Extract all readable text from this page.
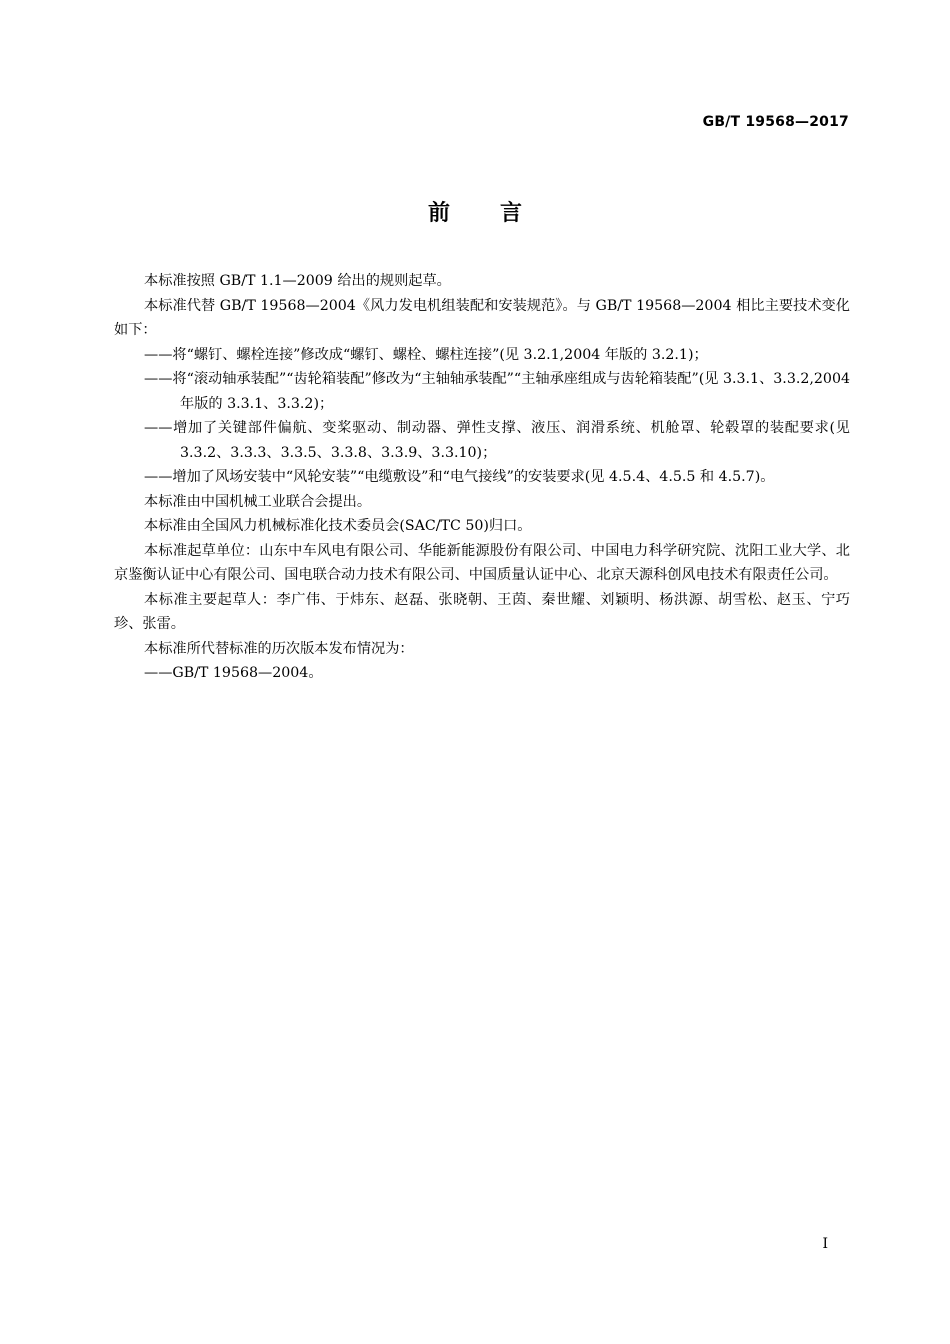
GB/T 19568—2017
前言

本标准按照 GB/T 1.1—2009 给出的规则起草。

本标准代替 GB/T 19568—2004《风力发电机组装配和安装规范》。与 GB/T 19568—2004 相比主要技术变化如下：

——将“螺钉、螺栓连接”修改成“螺钉、螺栓、螺柱连接”(见 3.2.1,2004 年版的 3.2.1)；

——将“滚动轴承装配”“齿轮箱装配”修改为“主轴轴承装配”“主轴承座组成与齿轮箱装配”(见 3.3.1、3.3.2,2004 年版的 3.3.1、3.3.2)；

——增加了关键部件偏航、变桨驱动、制动器、弹性支撑、液压、润滑系统、机舱罩、轮毂罩的装配要求(见 3.3.2、3.3.3、3.3.5、3.3.8、3.3.9、3.3.10)；

——增加了风场安装中“风轮安装”“电缆敷设”和“电气接线”的安装要求(见 4.5.4、4.5.5 和 4.5.7)。

本标准由中国机械工业联合会提出。

本标准由全国风力机械标准化技术委员会(SAC/TC 50)归口。

本标准起草单位：山东中车风电有限公司、华能新能源股份有限公司、中国电力科学研究院、沈阳工业大学、北京鉴衡认证中心有限公司、国电联合动力技术有限公司、中国质量认证中心、北京天源科创风电技术有限责任公司。

本标准主要起草人：李广伟、于炜东、赵磊、张晓朝、王茵、秦世耀、刘颖明、杨洪源、胡雪松、赵玉、宁巧珍、张雷。

本标准所代替标准的历次版本发布情况为：

——GB/T 19568—2004。

I
